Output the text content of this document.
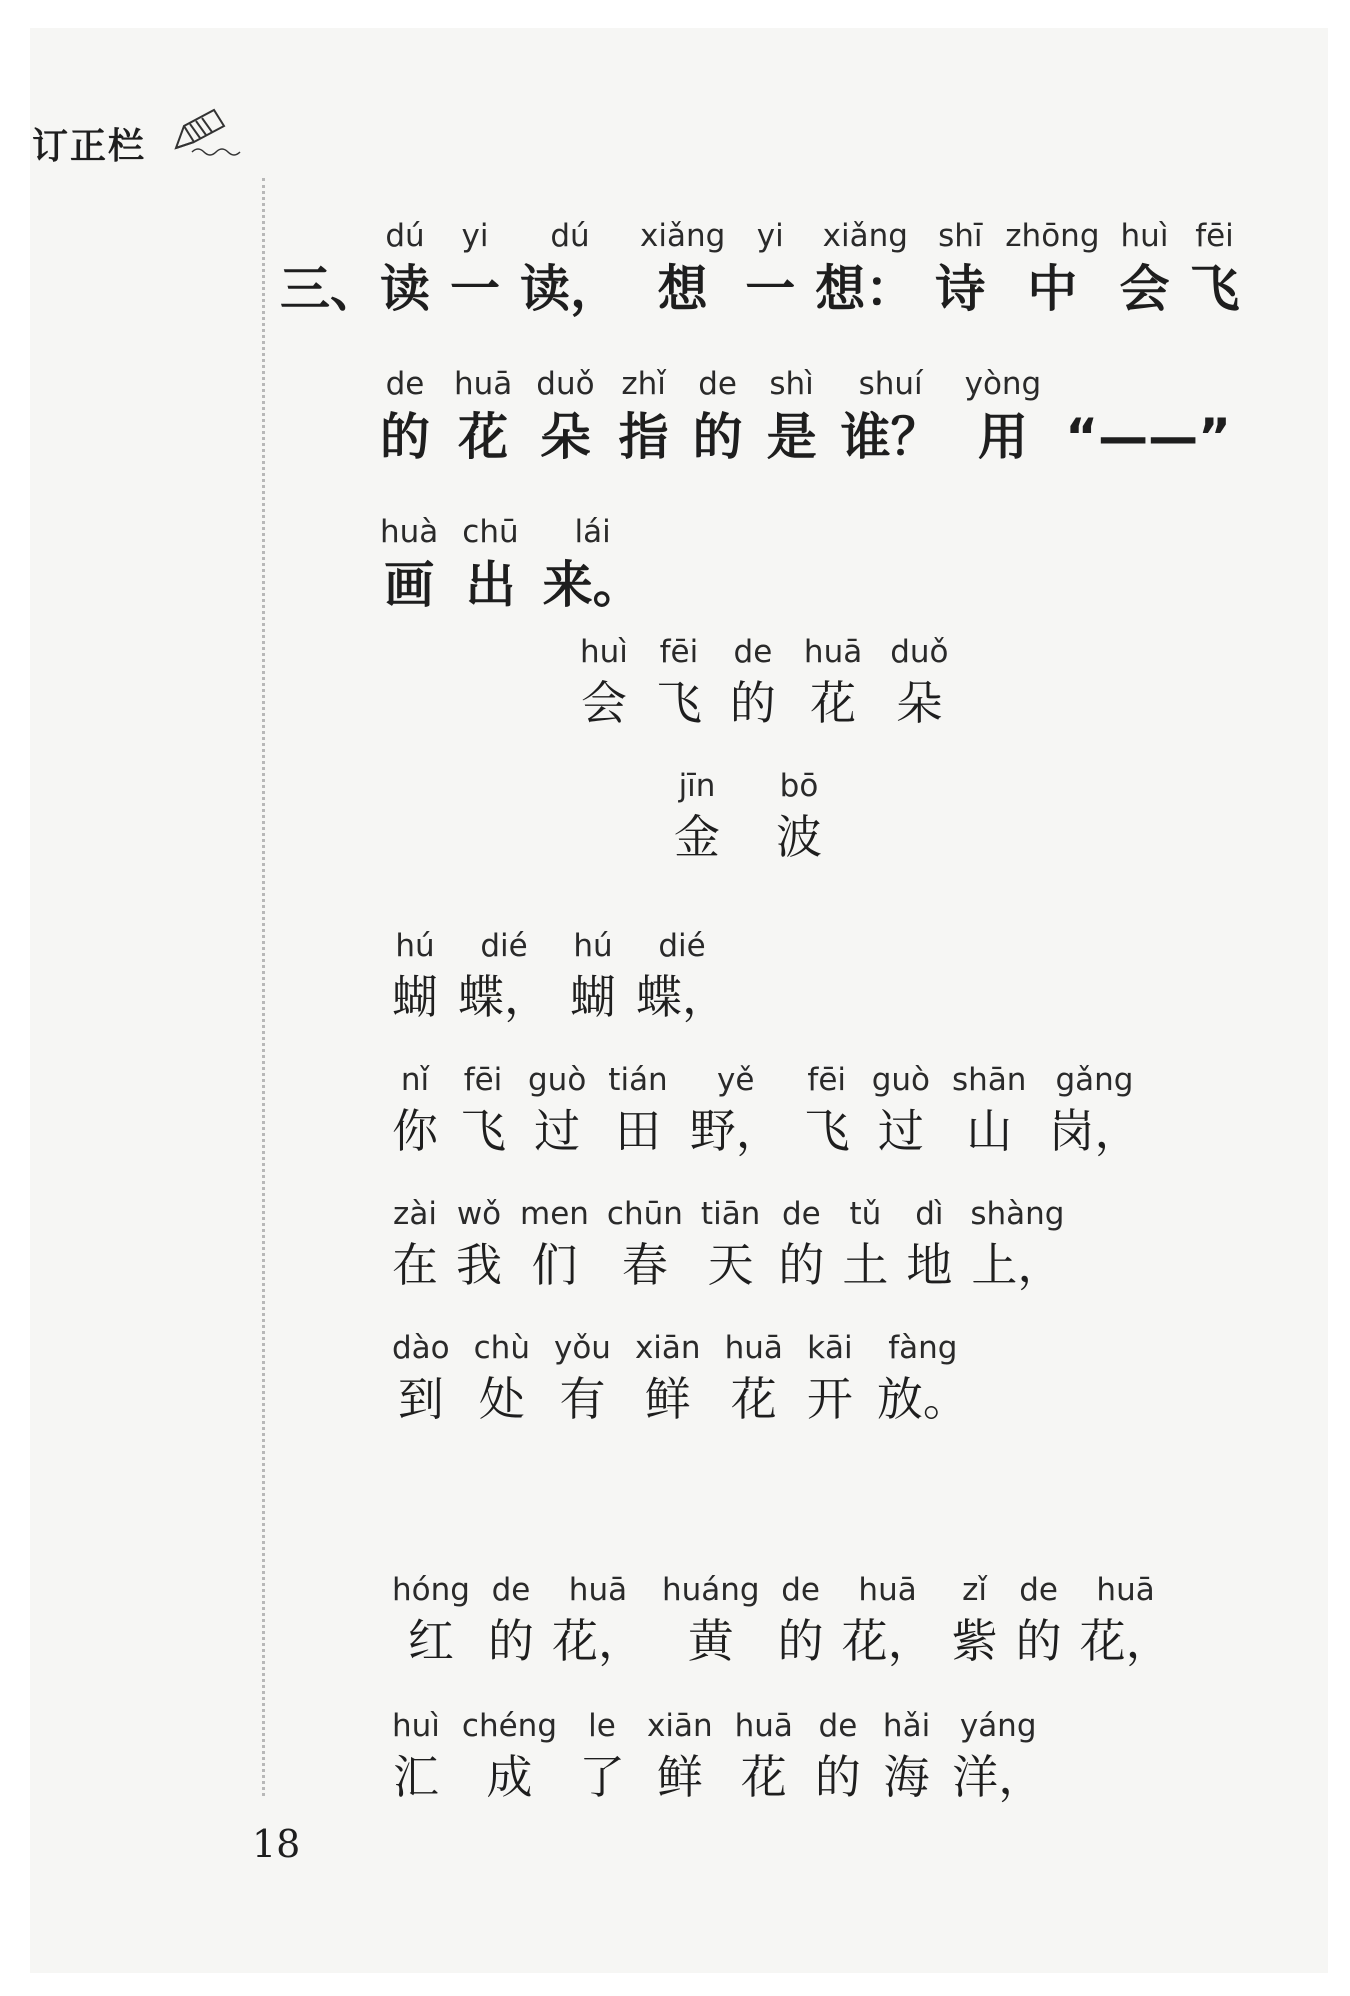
订正栏
三、
dú
读
yi
一
dú
读，
xiǎng
想
yi
一
xiǎng
想：
shī
诗
zhōng
中
huì
会
fēi
飞
de
的
huā
花
duǒ
朵
zhǐ
指
de
的
shì
是
shuí
谁？
yòng
用 “——”
huà
画
chū
出
lái
来。
huì
会
fēi
飞
de
的
huā
花
duǒ
朵
jīn
金
bō
波
hú
蝴
dié
蝶，
hú
蝴
dié
蝶，
nǐ
你
fēi
飞
guò
过
tián
田
yě
野，
fēi
飞
guò
过
shān
山
gǎng
岗，
zài
在
wǒ
我
men
们
chūn
春
tiān
天
de
的
tǔ
土
dì
地
shàng
上，
dào
到
chù
处
yǒu
有
xiān
鲜
huā
花
kāi
开
fàng
放。
hóng
红
de
的
huā
花，
huáng
黄
de
的
huā
花，
zǐ
紫
de
的
huā
花，
huì
汇
chéng
成
le
了
xiān
鲜
huā
花
de
的
hǎi
海
yáng
洋，
18
